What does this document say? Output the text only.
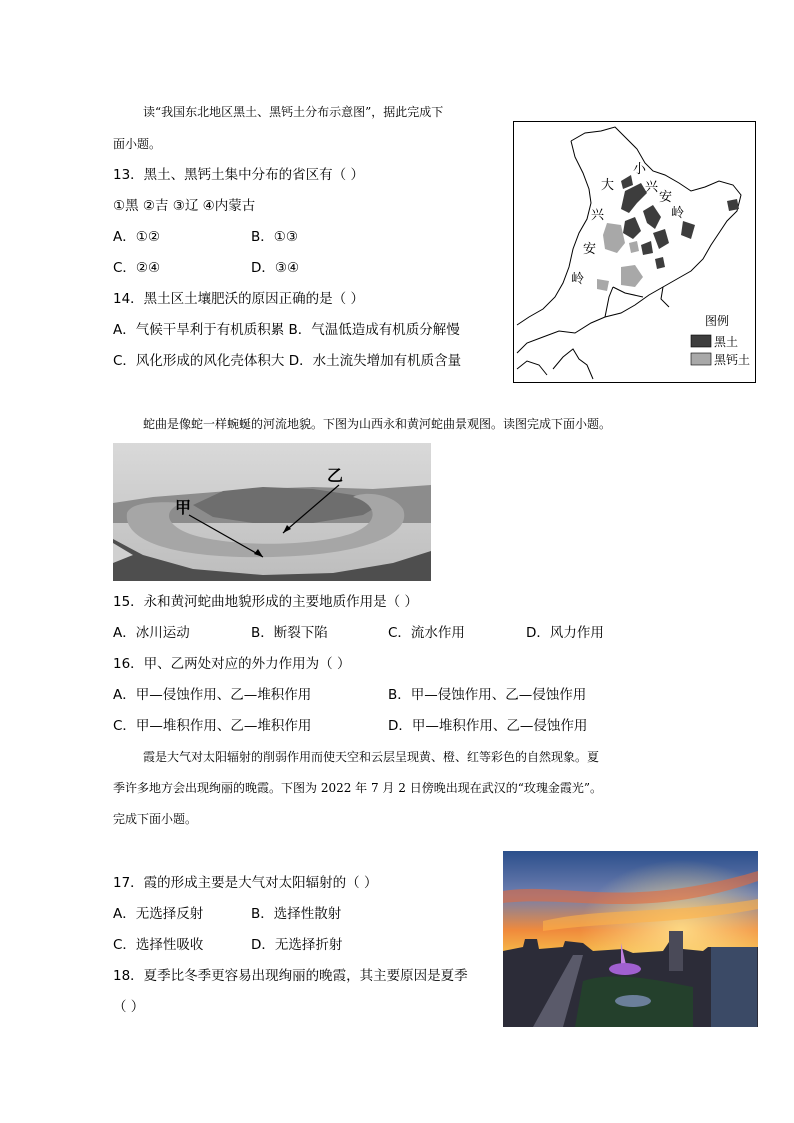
读“我国东北地区黑土、黑钙土分布示意图”，据此完成下
面小题。
13．黑土、黑钙土集中分布的省区有（ ）
①黑 ②吉 ③辽 ④内蒙古
A．①②	B．①③
C．②④	D．③④
14．黑土区土壤肥沃的原因正确的是（ ）
A．气候干旱利于有机质积累 B．气温低造成有机质分解慢
C．风化形成的风化壳体积大 D．水土流失增加有机质含量
小
兴
安
岭
大
兴
安
岭
图例
黑土
黑钙土
蛇曲是像蛇一样蜿蜒的河流地貌。下图为山西永和黄河蛇曲景观图。读图完成下面小题。
甲
乙
15．永和黄河蛇曲地貌形成的主要地质作用是（ ）
A．冰川运动	B．断裂下陷	C．流水作用	D．风力作用
16．甲、乙两处对应的外力作用为（ ）
A．甲—侵蚀作用、乙—堆积作用	B．甲—侵蚀作用、乙—侵蚀作用
C．甲—堆积作用、乙—堆积作用	D．甲—堆积作用、乙—侵蚀作用
霞是大气对太阳辐射的削弱作用而使天空和云层呈现黄、橙、红等彩色的自然现象。夏
季许多地方会出现绚丽的晚霞。下图为 2022 年 7 月 2 日傍晚出现在武汉的“玫瑰金霞光”。
完成下面小题。
17．霞的形成主要是大气对太阳辐射的（ ）
A．无选择反射	B．选择性散射
C．选择性吸收	D．无选择折射
18．夏季比冬季更容易出现绚丽的晚霞，其主要原因是夏季
（ ）
